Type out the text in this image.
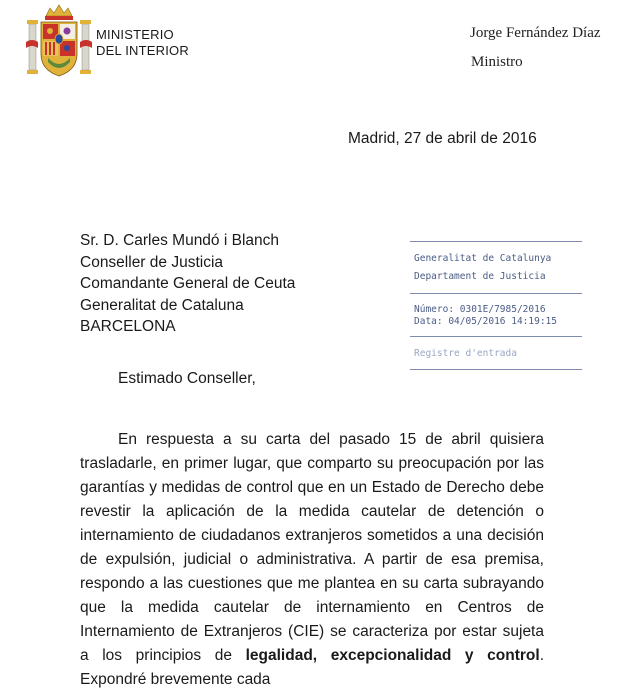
MINISTERIO
DEL INTERIOR
Jorge Fernández Díaz
Ministro
Madrid, 27 de abril de 2016
Sr. D. Carles Mundó i Blanch
Conseller de Justicia
Comandante General de Ceuta
Generalitat de Cataluna
BARCELONA
Generalitat de Catalunya
Departament de Justicia
Número: 0301E/7985/2016
Data: 04/05/2016 14:19:15
Registre d'entrada
Estimado Conseller,
En respuesta a su carta del pasado 15 de abril quisiera trasladarle, en primer lugar, que comparto su preocupación por las garantías y medidas de control que en un Estado de Derecho debe revestir la aplicación de la medida cautelar de detención o internamiento de ciudadanos extranjeros sometidos a una decisión de expulsión, judicial o administrativa. A partir de esa premisa, respondo a las cuestiones que me plantea en su carta subrayando que la medida cautelar de internamiento en Centros de Internamiento de Extranjeros (CIE) se caracteriza por estar sujeta a los principios de legalidad, excepcionalidad y control. Expondré brevemente cada
